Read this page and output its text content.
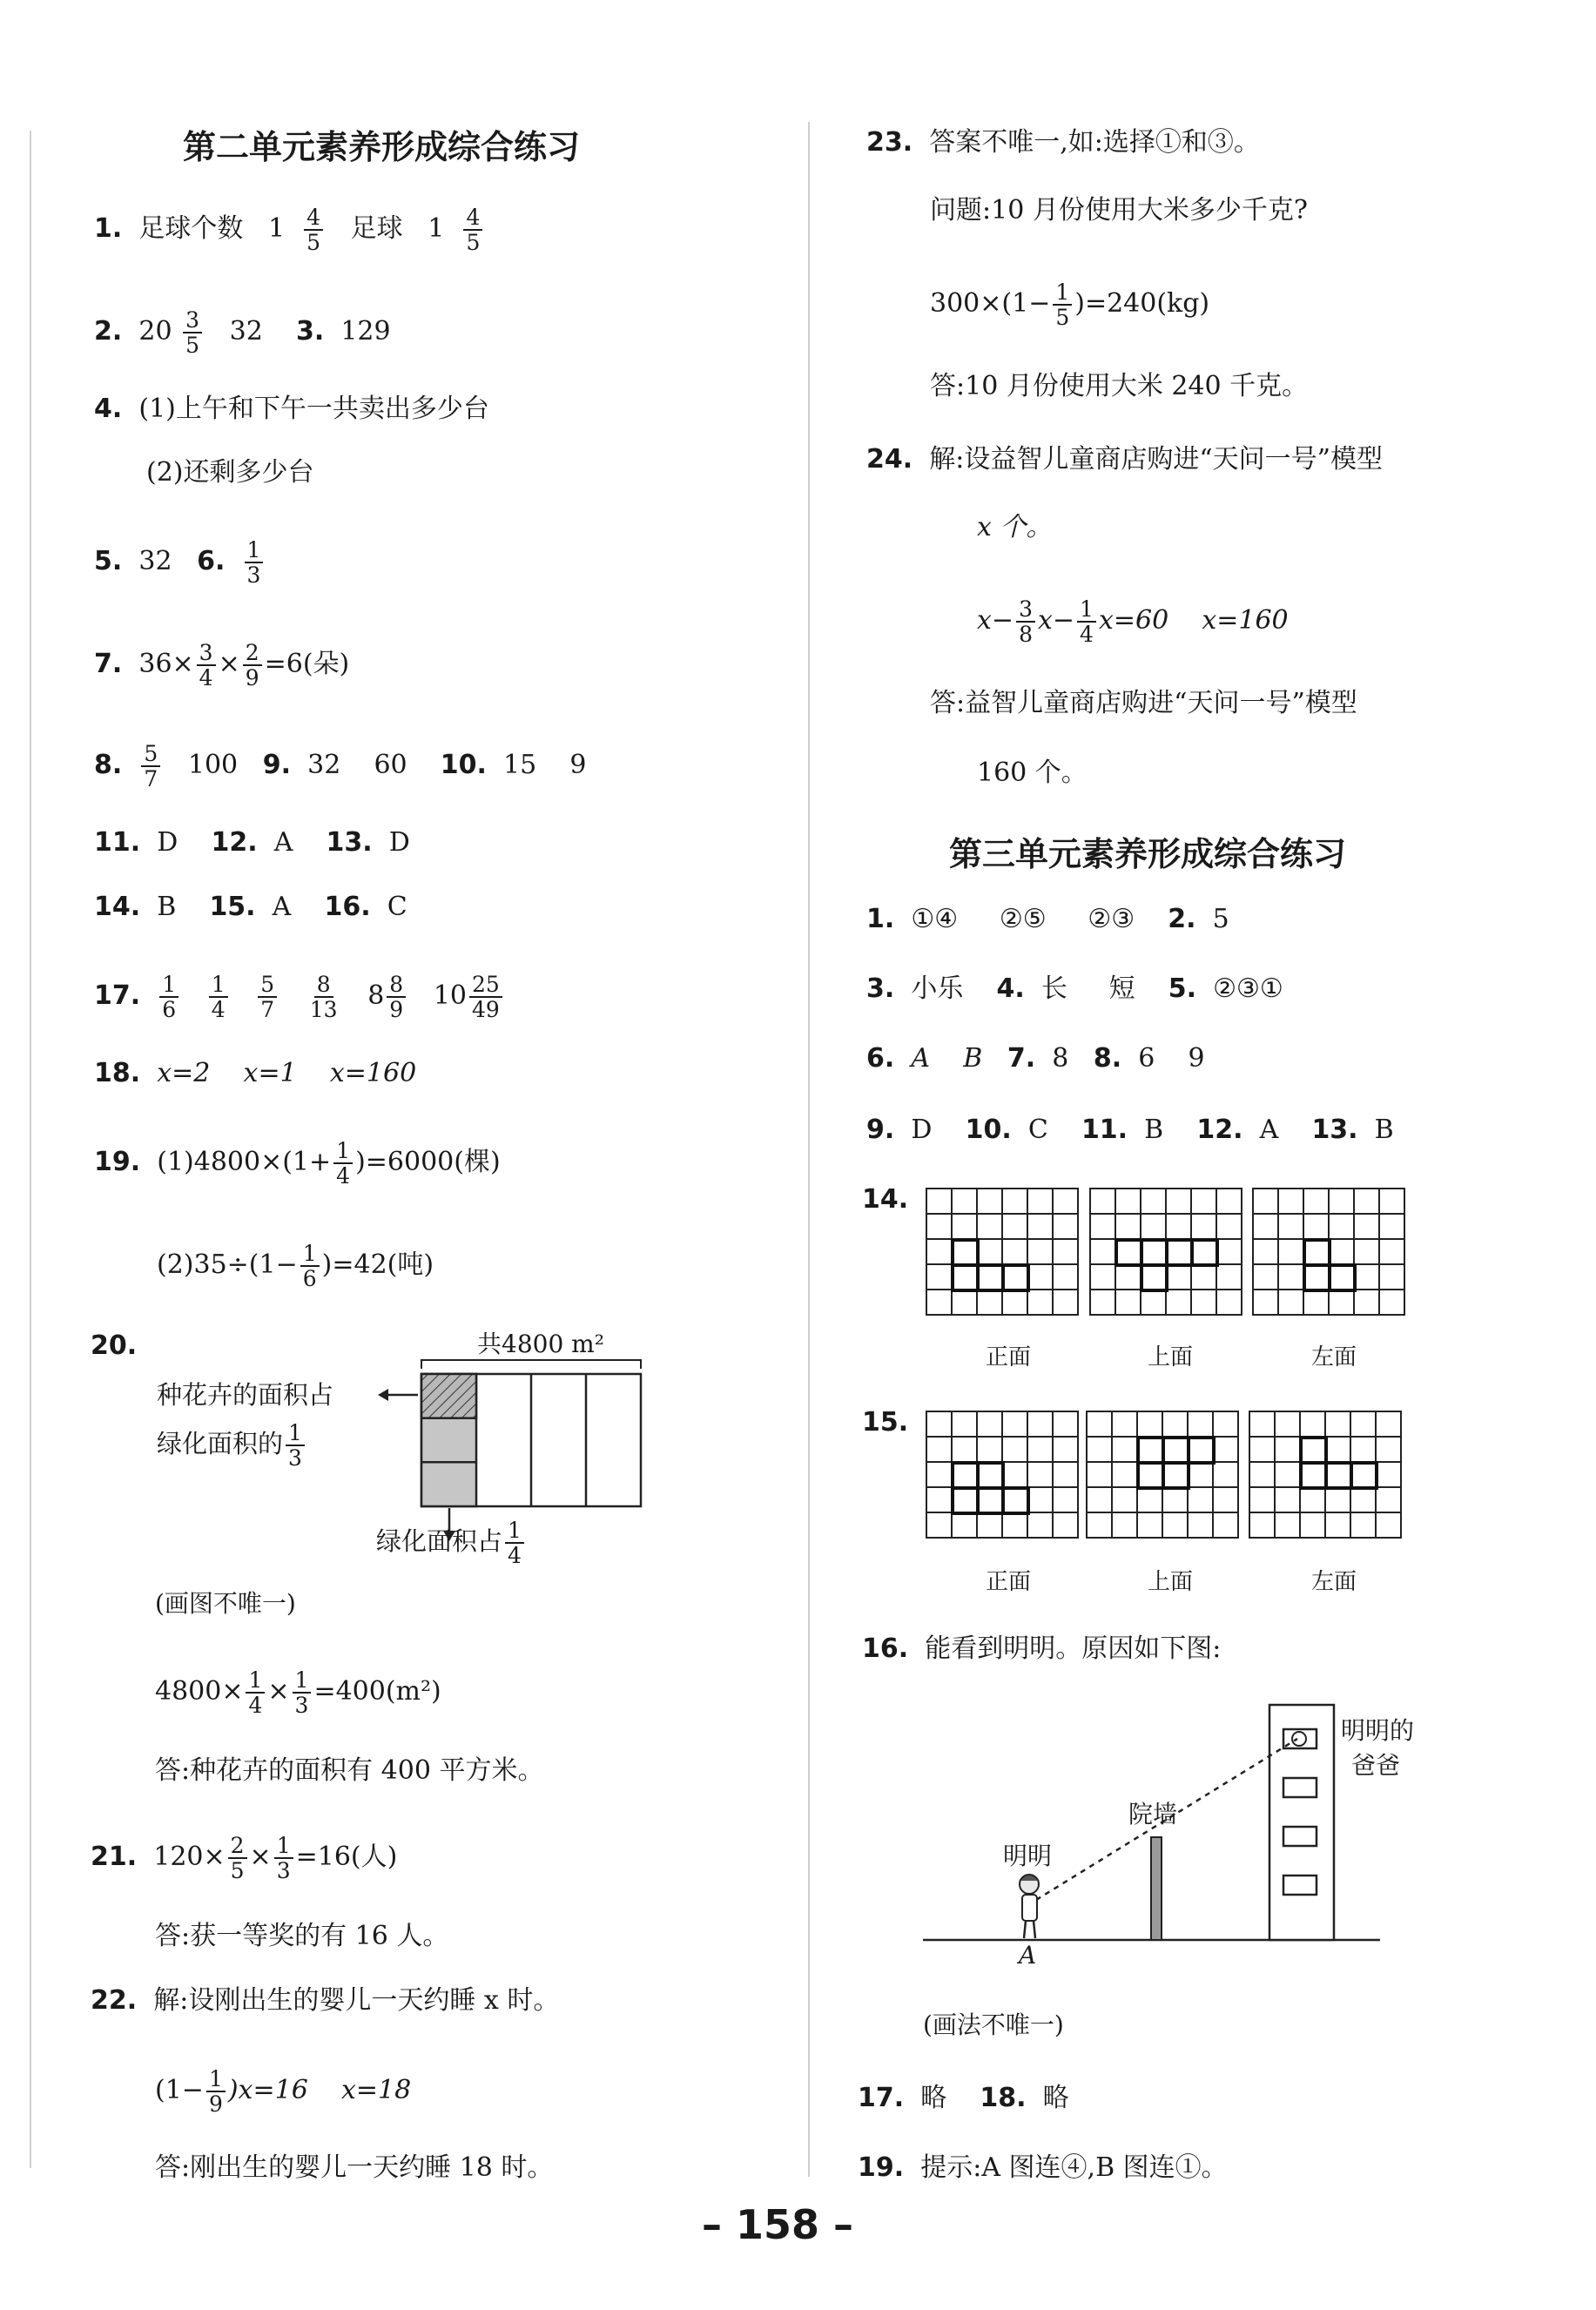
第二单元素养形成综合练习
1. 足球个数 $1 \frac{4}{5}$ 足球 $1 \frac{4}{5}$
2. $20 \frac{3}{5} 32$ 3. 129
4. (1)上午和下午一共卖出多少台
(2)还剩多少台
5. 32 6. $\frac{1}{3}$
7. $36\times \frac{3}{4} \times \frac{2}{9} =6$(朵)
8. $\frac{5}{7} 100$ 9. 32 60 10. 15 9
11. D 12. A 13. D
14. B 15. A 16. C
17. $\frac{1}{6}$
$\frac{1}{4}$
$\frac{5}{7}$
$\frac{8}{13} 8 \frac{8}{9} 10 \frac{25}{49}$
18. x=2 x=1 x=160
19. $(1)4800\times(1+ \frac{1}{4} )=6000$(棵)
$(2)35\div(1- \frac{1}{6} )=42$(吨)
20.	共4800 m²
种花卉的面积占
绿化面积的 $\frac{1}{3}$
绿化面积占 $\frac{1}{4}$
(画图不唯一)
$4800\times \frac{1}{4} \times \frac{1}{3} =400(m^2)$
答:种花卉的面积有 400 平方米。
21. $120\times \frac{2}{5} \times \frac{1}{3} =16$(人)
答:获一等奖的有 16 人。
22. 解:设刚出生的婴儿一天约睡 x 时。
$(1- \frac{1}{9} )x=16$ x=18
答:刚出生的婴儿一天约睡 18 时。
23. 答案不唯一,如:选择①和③。
问题:10 月份使用大米多少千克?
$300\times(1- \frac{1}{5} )=240(kg)$
答:10 月份使用大米 240 千克。
24. 解:设益智儿童商店购进“天问一号”模型
x 个。
$x- \frac{3}{8} x- \frac{1}{4} x=60$ x=160
答:益智儿童商店购进“天问一号”模型
160 个。
第三单元素养形成综合练习
1. ①④ ②⑤ ②③ 2. 5
3. 小乐 4. 长 短 5. ②③①
6. A B 7. 8 8. 6 9
9. D 10. C 11. B 12. A 13. B
14.
正面	上面	左面
15.
正面	上面	左面
16. 能看到明明。原因如下图:
明明的
爸爸
院墙
明明
A
(画法不唯一)
17. 略 18. 略
19. 提示:A 图连④,B 图连①。
– 158 –
